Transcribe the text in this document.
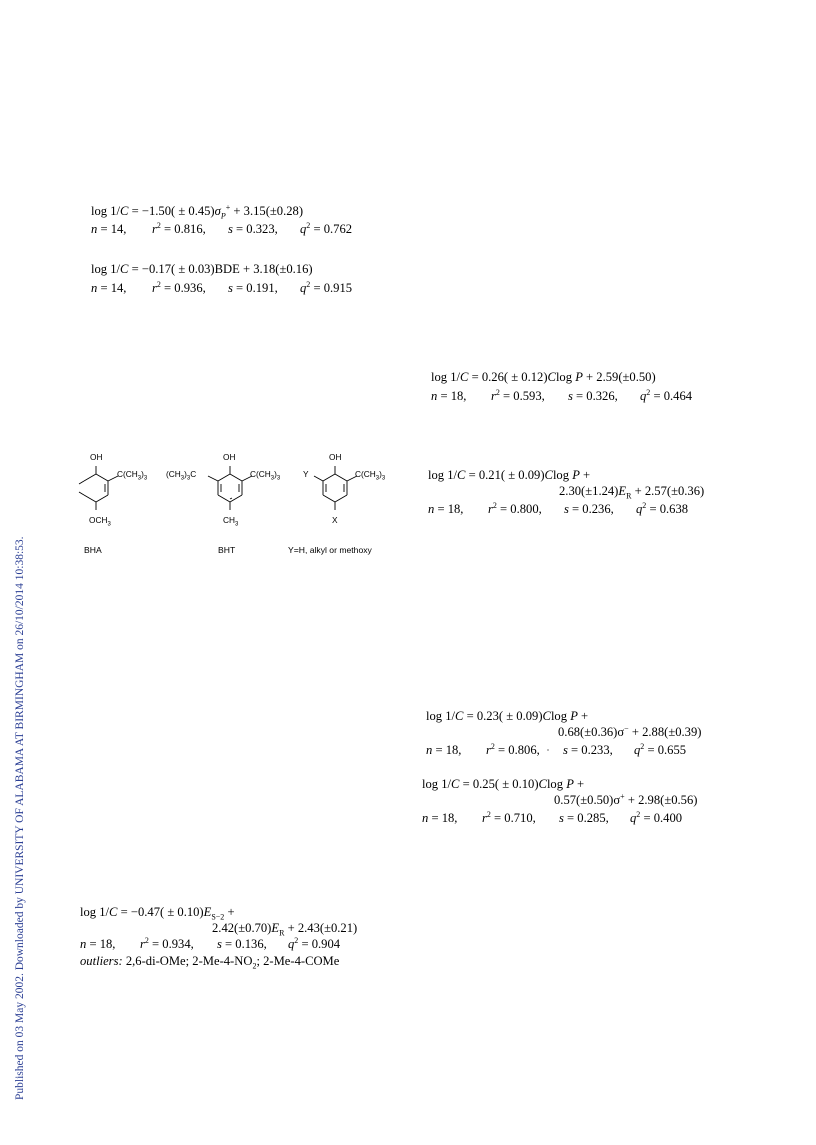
Published on 03 May 2002. Downloaded by UNIVERSITY OF ALABAMA AT BIRMINGHAM on 26/10/2014 10:38:53.
$\log 1/C = -1.50( \pm 0.45)\sigma_P^+ + 3.15(\pm 0.28)$
n = 14, $r^2 = 0.816$, s = 0.323, $q^2 = 0.762$
log 1/C = −0.17( ± 0.03)BDE + 3.18(±0.16)
n = 14, $r^2 = 0.936$, s = 0.191, $q^2 = 0.915$
log 1/C = 0.26( ± 0.12)Clog P + 2.59(±0.50)
n = 18, $r^2 = 0.593$, s = 0.326, $q^2 = 0.464$
log 1/C = 0.21( ± 0.09)Clog P +
$2.30(\pm 1.24)E_R + 2.57(\pm 0.36)$
n = 18, $r^2 = 0.800$, s = 0.236, $q^2 = 0.638$
OH
$C(CH_3)_3$
$OCH_3$
OH
$(CH_3)_3C$	$C(CH_3)_3$
$CH_3$
OH
Y	$C(CH_3)_3$
X
BHA	BHT	Y=H, alkyl or methoxy
log 1/C = 0.23( ± 0.09)Clog P +
0.68(±0.36)σ− + 2.88(±0.39)
n = 18, $r^2 = 0.806$, s = 0.233, $q^2 = 0.655$
log 1/C = 0.25( ± 0.10)Clog P +
0.57(±0.50)σ+ + 2.98(±0.56)
n = 18, $r^2 = 0.710$, s = 0.285, $q^2 = 0.400$
$\log 1/C = -0.47( \pm 0.10)E_{S-2}$ +
$2.42(\pm 0.70)E_R + 2.43(\pm 0.21)$
n = 18, $r^2 = 0.934$, s = 0.136, $q^2 = 0.904$
outliers: 2,6-di-OMe; $2-Me-4-NO_2$; 2-Me-4-COMe
